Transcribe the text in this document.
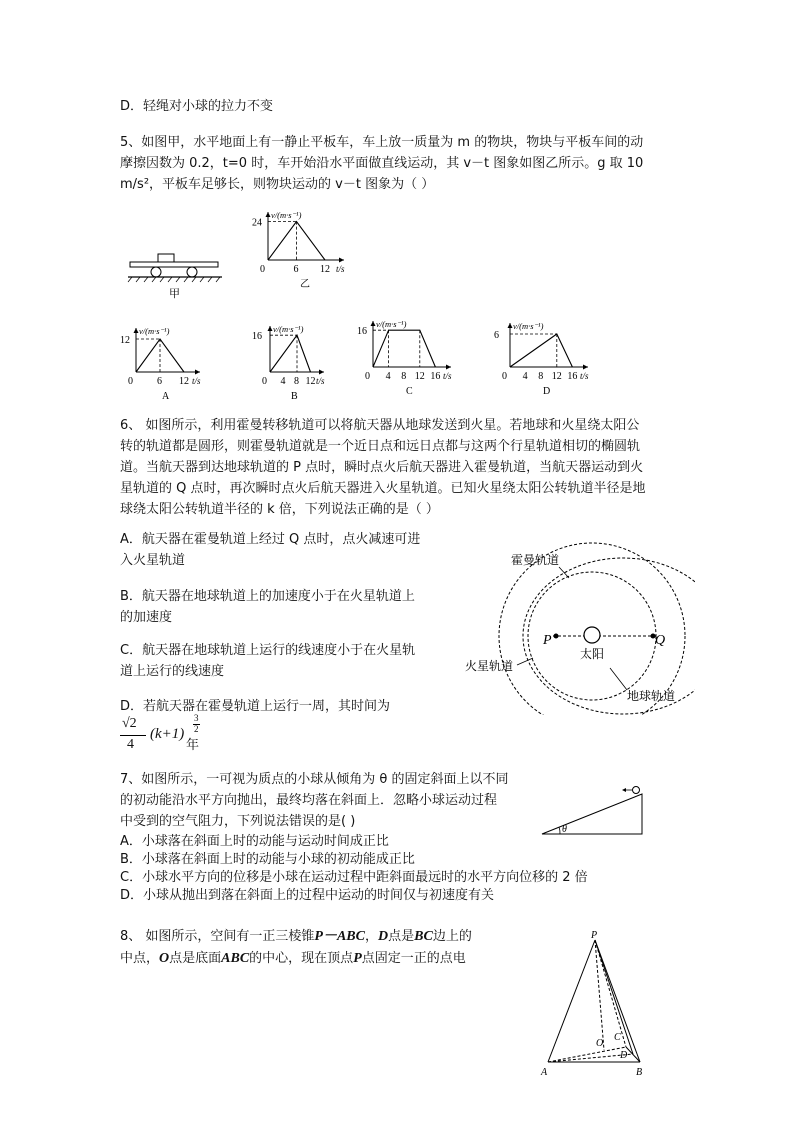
D．轻绳对小球的拉力不变
5、如图甲，水平地面上有一静止平板车，车上放一质量为 m 的物块，物块与平板车间的动
摩擦因数为 0.2，t=0 时，车开始沿水平面做直线运动，其 v－t 图象如图乙所示。g 取 10
m/s²，平板车足够长，则物块运动的 v－t 图象为（ ）
甲
v/(m·s⁻¹)
t/s
24
0	6 12
乙
v/(m·s⁻¹)
t/s
12
0 6 12
A
v/(m·s⁻¹)
t/s
16
0 4 8 12
B
v/(m·s⁻¹)
t/s
16
0 4 8 12 16
C
v/(m·s⁻¹)
t/s
6
0 4 8 12 16
D
6、 如图所示，利用霍曼转移轨道可以将航天器从地球发送到火星。若地球和火星绕太阳公
转的轨道都是圆形，则霍曼轨道就是一个近日点和远日点都与这两个行星轨道相切的椭圆轨
道。当航天器到达地球轨道的 P 点时，瞬时点火后航天器进入霍曼轨道，当航天器运动到火
星轨道的 Q 点时，再次瞬时点火后航天器进入火星轨道。已知火星绕太阳公转轨道半径是地
球绕太阳公转轨道半径的 k 倍，下列说法正确的是（ ）
A．航天器在霍曼轨道上经过 Q 点时，点火减速可进
入火星轨道
B．航天器在地球轨道上的加速度小于在火星轨道上
的加速度
C．航天器在地球轨道上运行的线速度小于在火星轨
道上运行的线速度
D．若航天器在霍曼轨道上运行一周，其时间为
√2
4
(k+1)
3
2
年
P	Q
太阳
霍曼轨道
火星轨道
地球轨道
7、如图所示，一可视为质点的小球从倾角为 θ 的固定斜面上以不同
的初动能沿水平方向抛出，最终均落在斜面上．忽略小球运动过程
中受到的空气阻力，下列说法错误的是( )
A．小球落在斜面上时的动能与运动时间成正比
B．小球落在斜面上时的动能与小球的初动能成正比
C．小球水平方向的位移是小球在运动过程中距斜面最远时的水平方向位移的 2 倍
D．小球从抛出到落在斜面上的过程中运动的时间仅与初速度有关
θ
8、 如图所示，空间有一正三棱锥P－ABC，D点是BC边上的
中点，O点是底面ABC的中心，现在顶点P点固定一正的点电
P
A	B
C
O
D
